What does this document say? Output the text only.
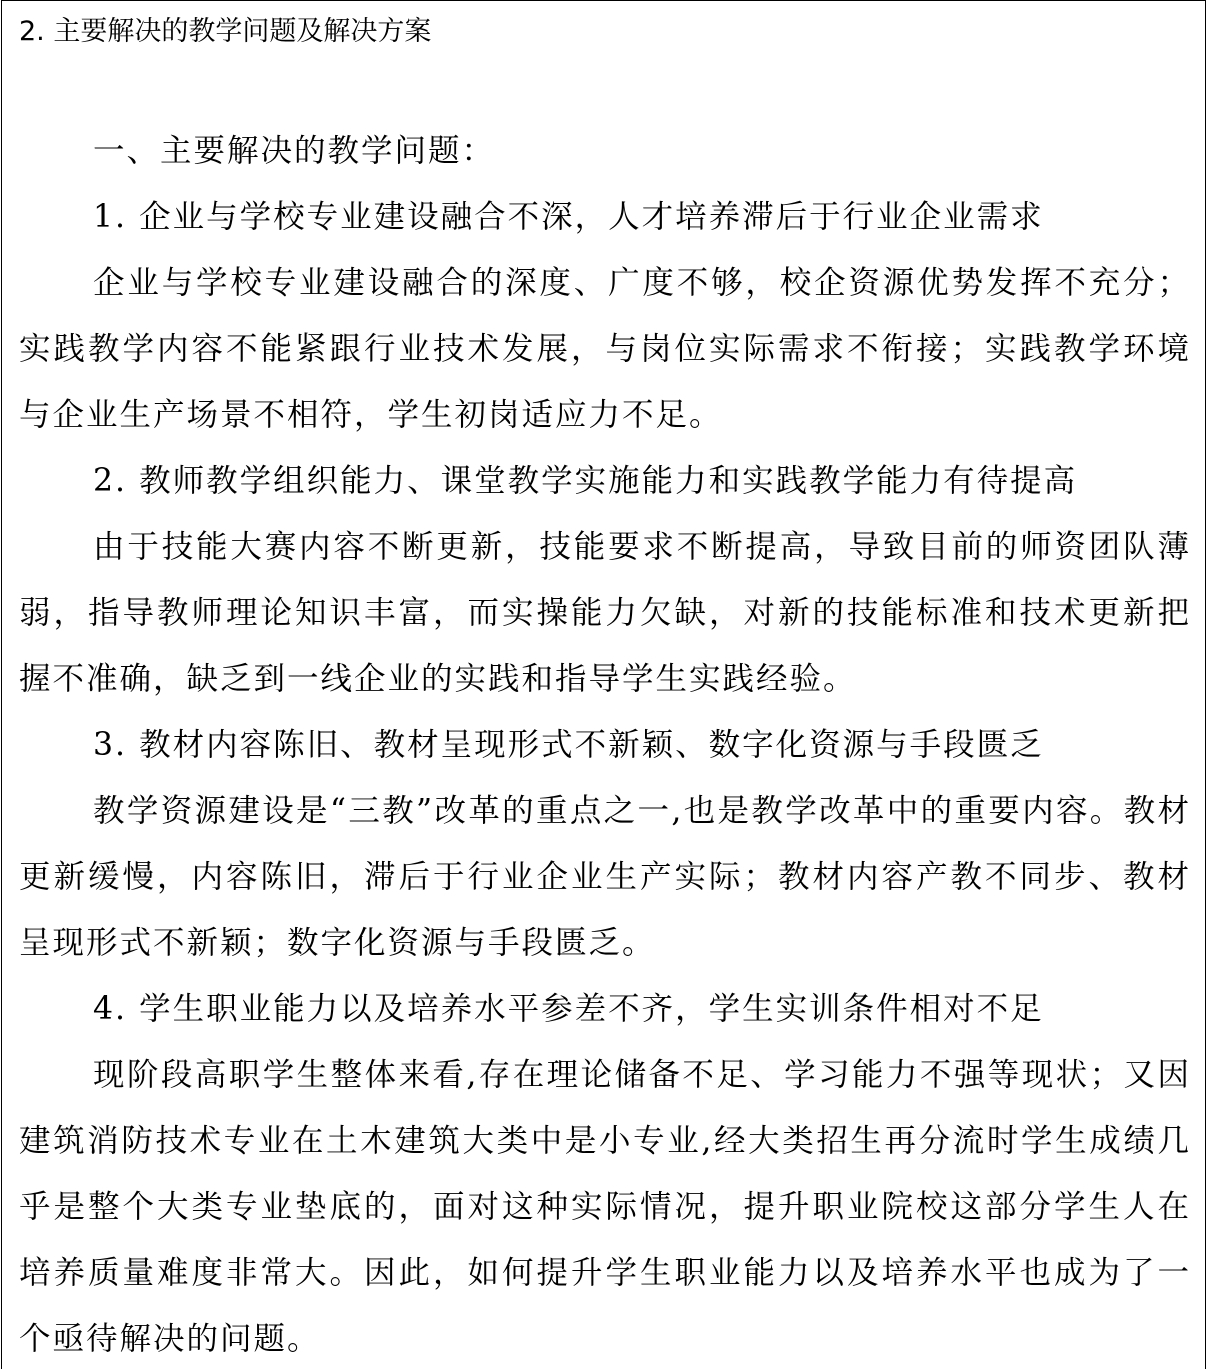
2. 主要解决的教学问题及解决方案

一、主要解决的教学问题：

1. 企业与学校专业建设融合不深，人才培养滞后于行业企业需求

企业与学校专业建设融合的深度、广度不够，校企资源优势发挥不充分；实践教学内容不能紧跟行业技术发展，与岗位实际需求不衔接；实践教学环境与企业生产场景不相符，学生初岗适应力不足。

2. 教师教学组织能力、课堂教学实施能力和实践教学能力有待提高

由于技能大赛内容不断更新，技能要求不断提高，导致目前的师资团队薄弱，指导教师理论知识丰富，而实操能力欠缺，对新的技能标准和技术更新把握不准确，缺乏到一线企业的实践和指导学生实践经验。

3. 教材内容陈旧、教材呈现形式不新颖、数字化资源与手段匮乏

教学资源建设是“三教”改革的重点之一,也是教学改革中的重要内容。教材更新缓慢，内容陈旧，滞后于行业企业生产实际；教材内容产教不同步、教材呈现形式不新颖；数字化资源与手段匮乏。

4. 学生职业能力以及培养水平参差不齐，学生实训条件相对不足

现阶段高职学生整体来看,存在理论储备不足、学习能力不强等现状；又因建筑消防技术专业在土木建筑大类中是小专业,经大类招生再分流时学生成绩几乎是整个大类专业垫底的，面对这种实际情况，提升职业院校这部分学生人在培养质量难度非常大。因此，如何提升学生职业能力以及培养水平也成为了一个亟待解决的问题。
